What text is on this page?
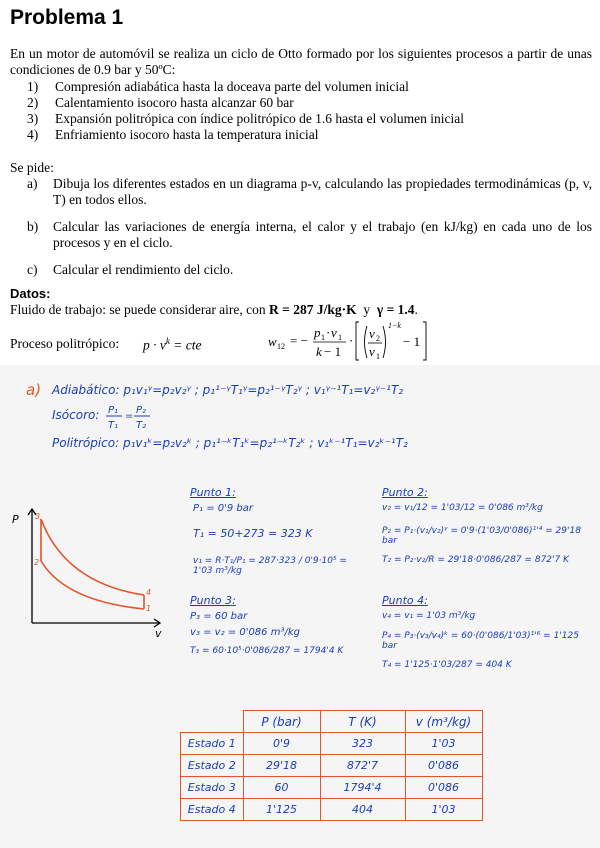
Problema 1
En un motor de automóvil se realiza un ciclo de Otto formado por los siguientes procesos a partir de unas condiciones de 0.9 bar y 50ºC:
1) Compresión adiabática hasta la doceava parte del volumen inicial
2) Calentamiento isocoro hasta alcanzar 60 bar
3) Expansión politrópica con índice politrópico de 1.6 hasta el volumen inicial
4) Enfriamiento isocoro hasta la temperatura inicial
Se pide:
a)	Dibuja los diferentes estados en un diagrama p-v, calculando las propiedades termodinámicas (p, v, T) en todos ellos.
b)	Calcular las variaciones de energía interna, el calor y el trabajo (en kJ/kg) en cada uno de los procesos y en el ciclo.
c)	Calcular el rendimiento del ciclo.
Datos:
Fluido de trabajo: se puede considerar aire, con R = 287 J/kg·K  y  γ = 1.4.
Proceso politrópico: $p \cdot v^k$ = cte	w 12 = −
p 1 · v 1
k − 1
· v 2
v 1
1−k
− 1
a) Adiabático: p₁v₁ᵞ=p₂v₂ᵞ ; p₁¹⁻ᵞT₁ᵞ=p₂¹⁻ᵞT₂ᵞ ; v₁ᵞ⁻¹T₁=v₂ᵞ⁻¹T₂
Isócoro: P₁
T₁
=
P₂
T₂
Politrópico: p₁v₁ᵏ=p₂v₂ᵏ ; p₁¹⁻ᵏT₁ᵏ=p₂¹⁻ᵏT₂ᵏ ; v₁ᵏ⁻¹T₁=v₂ᵏ⁻¹T₂
3
2
4
1
P
v
Punto 1:
P₁ = 0'9 bar
T₁ = 50+273 = 323 K
v₁ = R·T₁/P₁ = 287·323 / 0'9·10⁵ = 1'03 m³/kg
Punto 2:
v₂ = v₁/12 = 1'03/12 = 0'086 m³/kg
P₂ = P₁·(v₁/v₂)ᵞ = 0'9·(1'03/0'086)¹'⁴ = 29'18 bar
T₂ = P₂·v₂/R = 29'18·0'086/287 = 872'7 K
Punto 3:
P₃ = 60 bar
v₃ = v₂ = 0'086 m³/kg
T₃ = 60·10⁵·0'086/287 = 1794'4 K
Punto 4:
v₄ = v₁ = 1'03 m³/kg
P₄ = P₃·(v₃/v₄)ᵏ = 60·(0'086/1'03)¹'⁶ = 1'125 bar
T₄ = 1'125·1'03/287 = 404 K
	P (bar)	T (K)	v (m³/kg)
Estado 1	0'9	323	1'03
Estado 2	29'18	872'7	0'086
Estado 3	60	1794'4	0'086
Estado 4	1'125	404	1'03
